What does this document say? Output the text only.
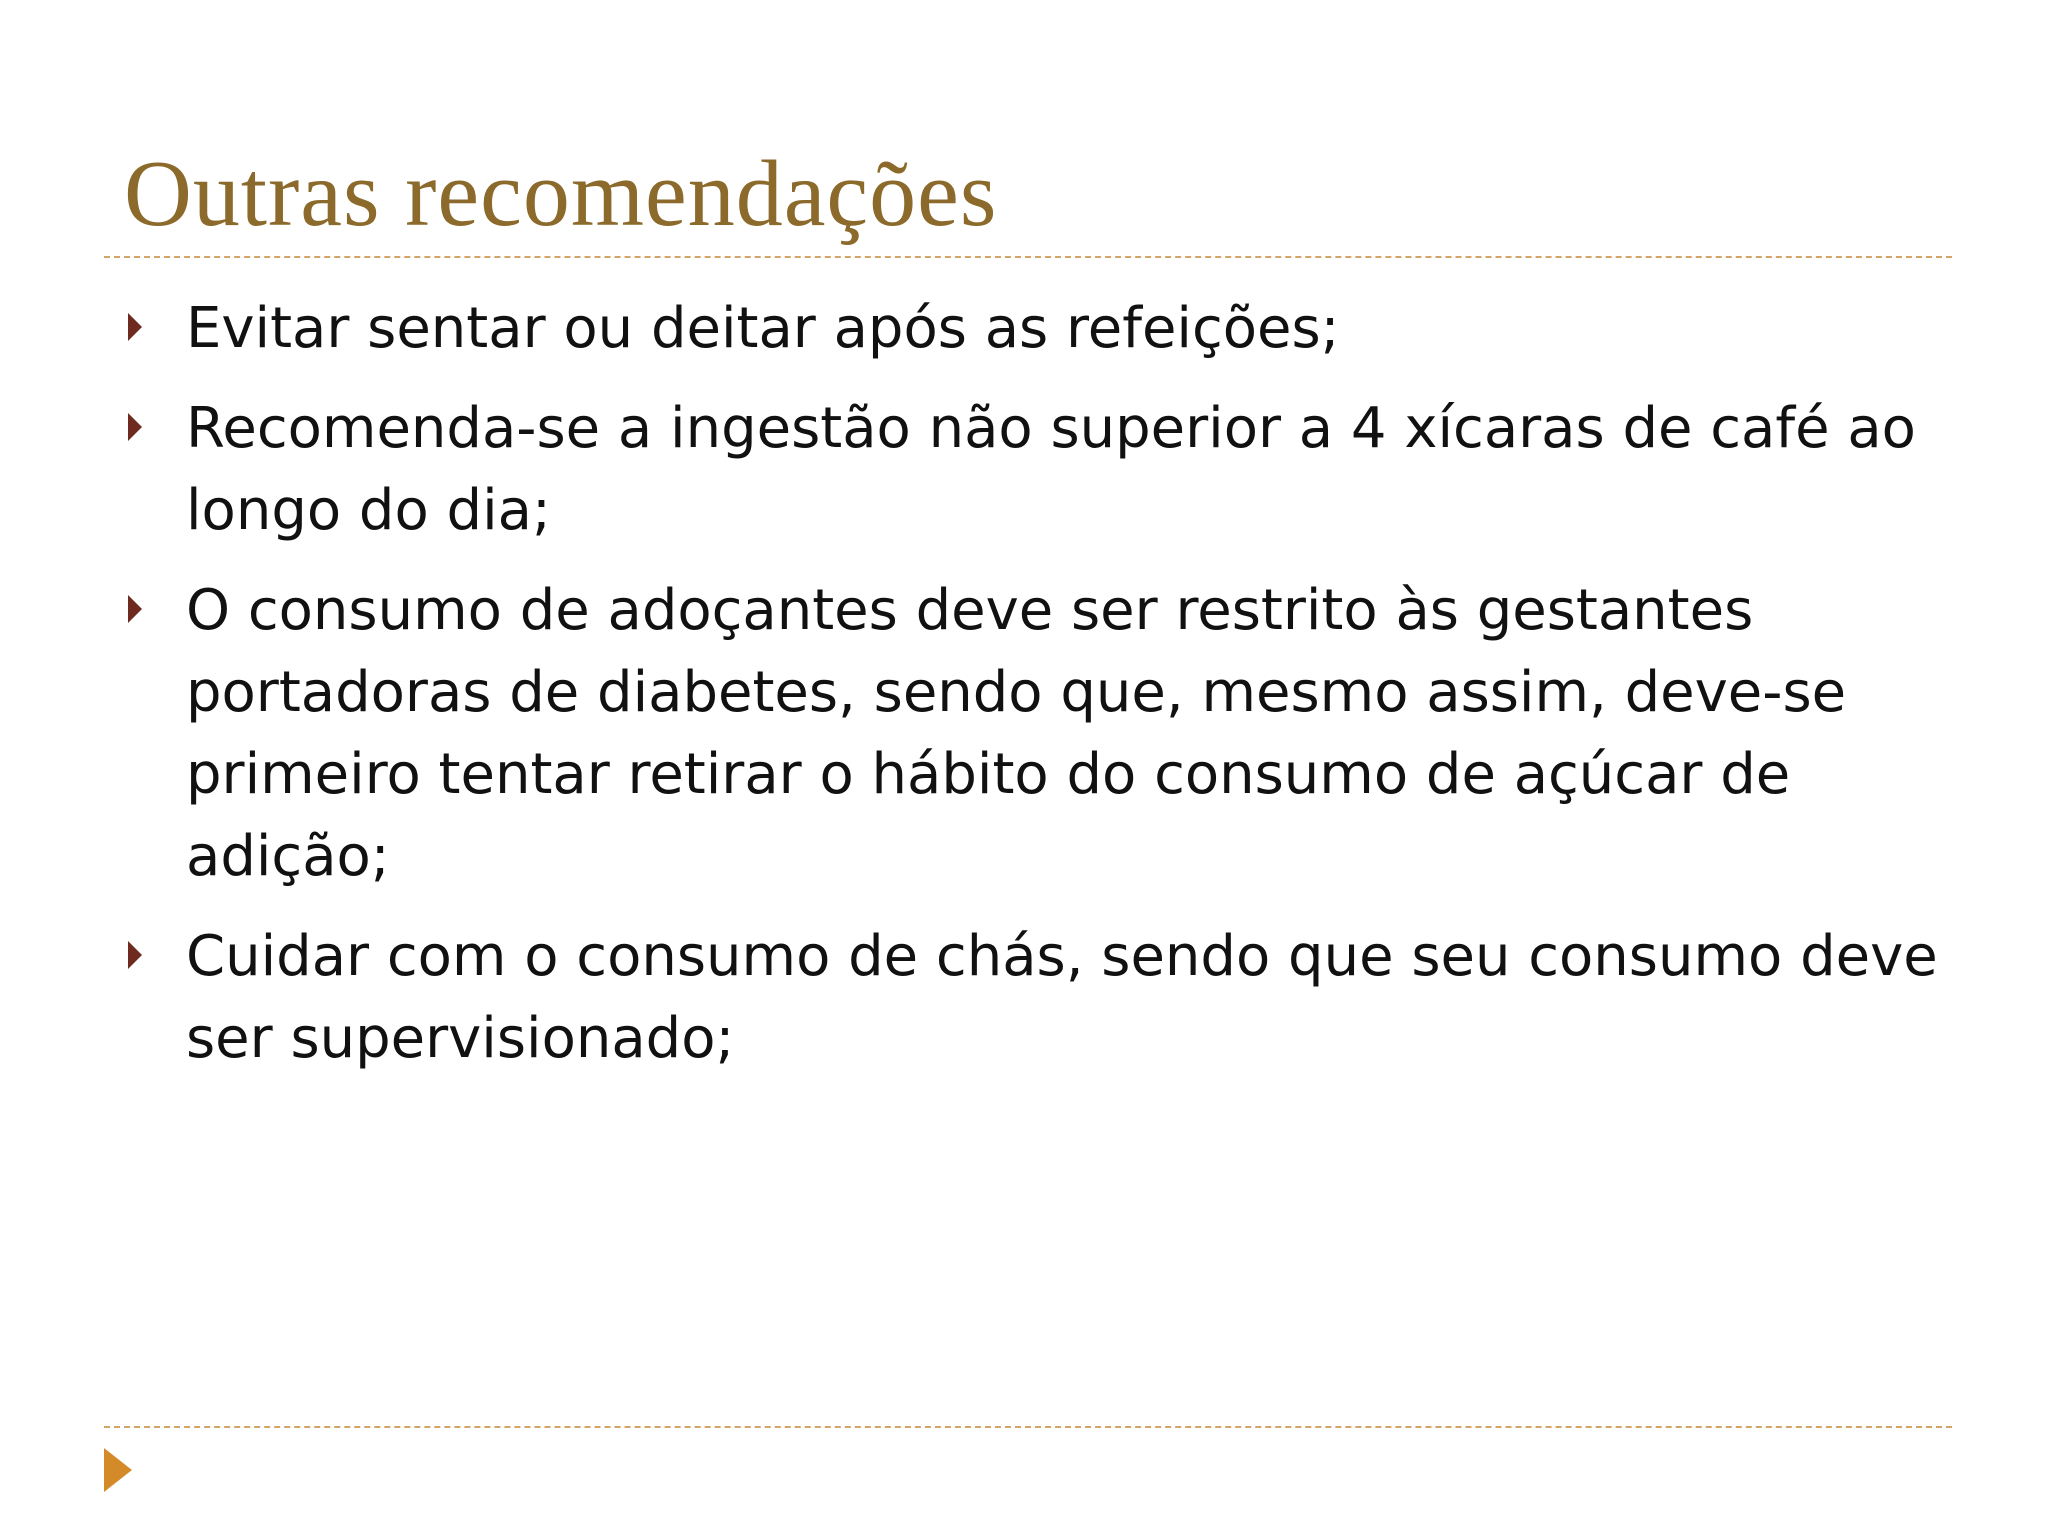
Outras recomendações
Evitar sentar ou deitar após as refeições;
Recomenda-se a ingestão não superior a 4 xícaras de café ao longo do dia;
O consumo de adoçantes deve ser restrito às gestantes portadoras de diabetes, sendo que, mesmo assim, deve-se primeiro tentar retirar o hábito do consumo de açúcar de adição;
Cuidar com o consumo de chás, sendo que seu consumo deve ser supervisionado;
